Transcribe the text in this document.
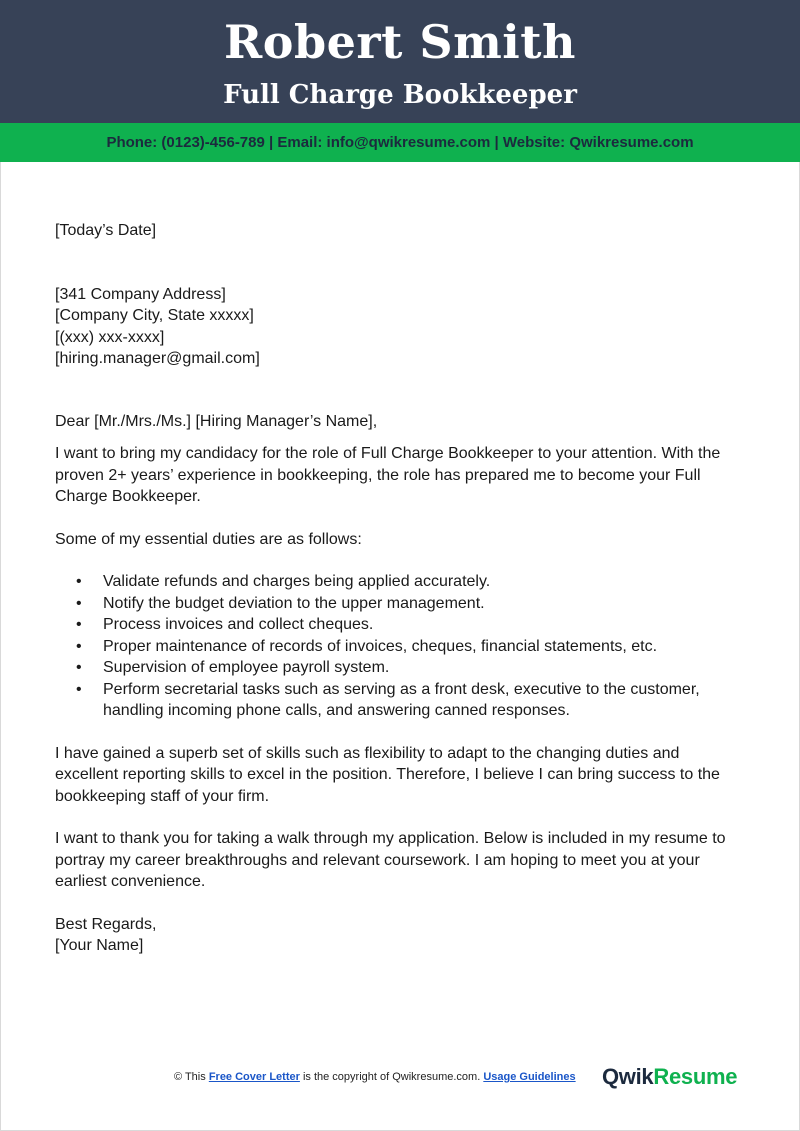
Robert Smith
Full Charge Bookkeeper
Phone: (0123)-456-789 | Email: info@qwikresume.com | Website: Qwikresume.com

[Today’s Date]

[341 Company Address]

[Company City, State xxxxx]

[(xxx) xxx-xxxx]

[hiring.manager@gmail.com]

Dear [Mr./Mrs./Ms.] [Hiring Manager’s Name],

I want to bring my candidacy for the role of Full Charge Bookkeeper to your attention. With the proven 2+ years’ experience in bookkeeping, the role has prepared me to become your Full Charge Bookkeeper.

Some of my essential duties are as follows:

• Validate refunds and charges being applied accurately.
• Notify the budget deviation to the upper management.
• Process invoices and collect cheques.
• Proper maintenance of records of invoices, cheques, financial statements, etc.
• Supervision of employee payroll system.
• Perform secretarial tasks such as serving as a front desk, executive to the customer, handling incoming phone calls, and answering canned responses.

I have gained a superb set of skills such as flexibility to adapt to the changing duties and excellent reporting skills to excel in the position. Therefore, I believe I can bring success to the bookkeeping staff of your firm.

I want to thank you for taking a walk through my application. Below is included in my resume to portray my career breakthroughs and relevant coursework. I am hoping to meet you at your earliest convenience.

Best Regards,

[Your Name]

© This Free Cover Letter is the copyright of Qwikresume.com. Usage Guidelines QwikResume
